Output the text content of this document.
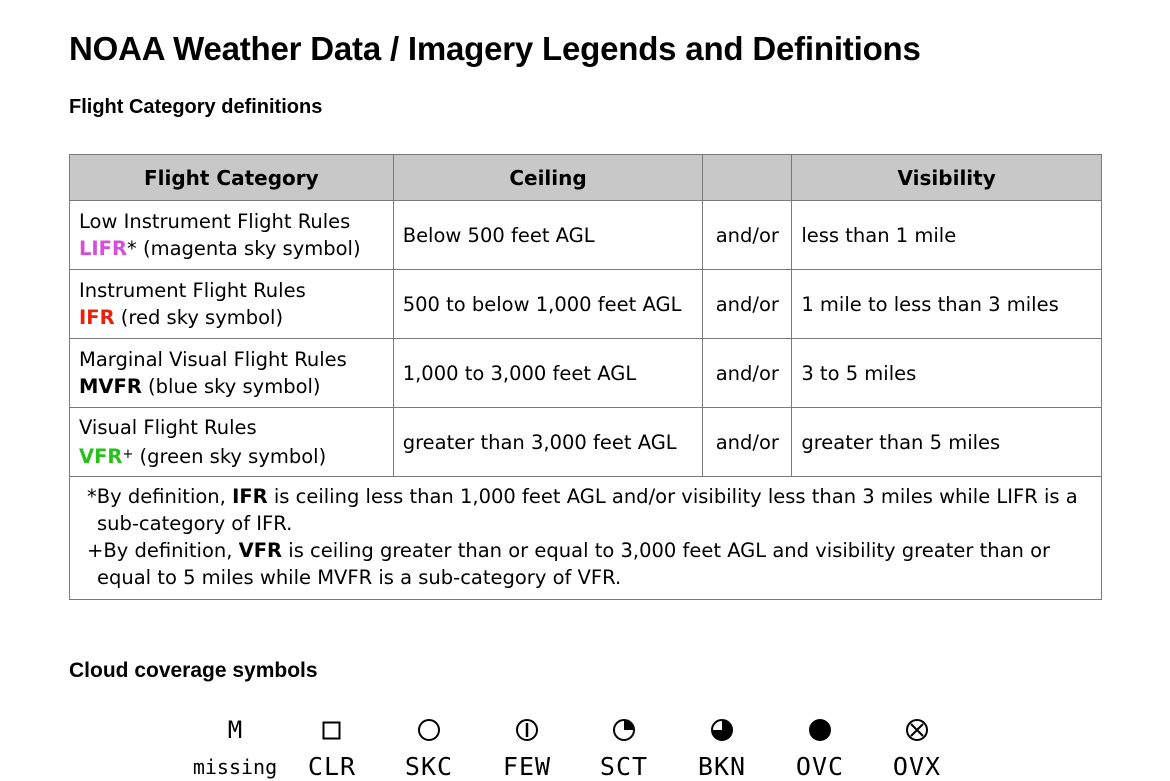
NOAA Weather Data / Imagery Legends and Definitions
Flight Category definitions
Flight Category	Ceiling		Visibility
Low Instrument Flight Rules
LIFR* (magenta sky symbol)	Below 500 feet AGL	and/or	less than 1 mile
Instrument Flight Rules
IFR (red sky symbol)	500 to below 1,000 feet AGL	and/or	1 mile to less than 3 miles
Marginal Visual Flight Rules
MVFR (blue sky symbol)	1,000 to 3,000 feet AGL	and/or	3 to 5 miles
Visual Flight Rules
VFR+ (green sky symbol)	greater than 3,000 feet AGL	and/or	greater than 5 miles

*By definition, IFR is ceiling less than 1,000 feet AGL and/or visibility less than 3 miles while LIFR is a sub-category of IFR.
+By definition, VFR is ceiling greater than or equal to 3,000 feet AGL and visibility greater than or equal to 5 miles while MVFR is a sub-category of VFR.			
Cloud coverage symbols
M
missing	CLR	SKC	FEW	SCT	BKN	OVC	OVX
